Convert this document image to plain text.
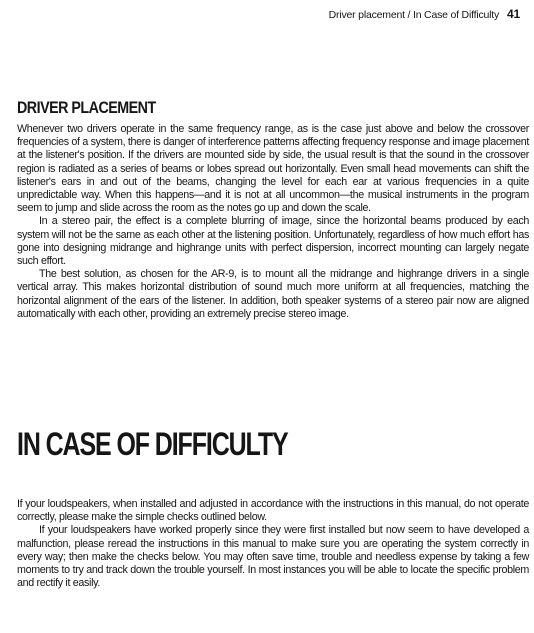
Driver placement / In Case of Difficulty 41
DRIVER PLACEMENT

Whenever two drivers operate in the same frequency range, as is the case just above and below the crossover frequencies of a system, there is danger of interference patterns affecting frequency response and image placement at the listener's position. If the drivers are mounted side by side, the usual result is that the sound in the crossover region is radiated as a series of beams or lobes spread out horizontally. Even small head movements can shift the listener's ears in and out of the beams, changing the level for each ear at various frequencies in a quite unpredictable way. When this happens—and it is not at all uncommon—the musical instruments in the program seem to jump and slide across the room as the notes go up and down the scale.

In a stereo pair, the effect is a complete blurring of image, since the horizontal beams produced by each system will not be the same as each other at the listening position. Unfortunately, regardless of how much effort has gone into designing midrange and highrange units with perfect dispersion, incorrect mounting can largely negate such effort.

The best solution, as chosen for the AR-9, is to mount all the midrange and highrange drivers in a single vertical array. This makes horizontal distribution of sound much more uniform at all frequencies, matching the horizontal alignment of the ears of the listener. In addition, both speaker systems of a stereo pair now are aligned automatically with each other, providing an extremely precise stereo image.

IN CASE OF DIFFICULTY

If your loudspeakers, when installed and adjusted in accordance with the instructions in this manual, do not operate correctly, please make the simple checks outlined below.

If your loudspeakers have worked properly since they were first installed but now seem to have developed a malfunction, please reread the instructions in this manual to make sure you are operating the system correctly in every way; then make the checks below. You may often save time, trouble and needless expense by taking a few moments to try and track down the trouble yourself. In most instances you will be able to locate the specific problem and rectify it easily.
